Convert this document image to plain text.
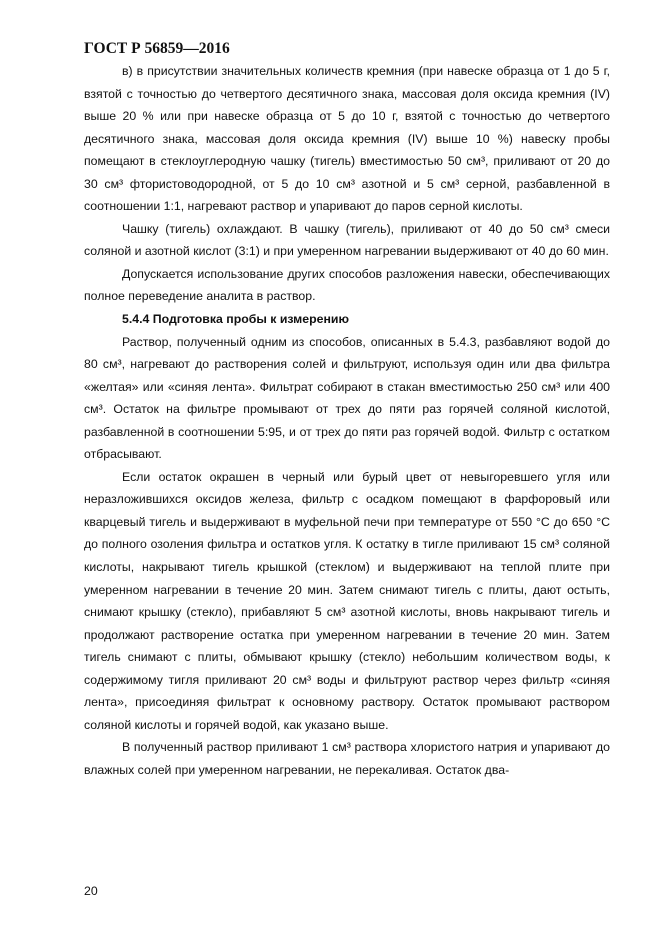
ГОСТ Р 56859—2016

в) в присутствии значительных количеств кремния (при навеске образца от 1 до 5 г, взятой с точностью до четвертого десятичного знака, массовая доля оксида кремния (IV) выше 20 % или при навеске образца от 5 до 10 г, взятой с точностью до четвертого десятичного знака, массовая доля оксида кремния (IV) выше 10 %) навеску пробы помещают в стеклоуглеродную чашку (тигель) вместимостью 50 см³, приливают от 20 до 30 см³ фтористоводородной, от 5 до 10 см³ азотной и 5 см³ серной, разбавленной в соотношении 1:1, нагревают раствор и упаривают до паров серной кислоты.

Чашку (тигель) охлаждают. В чашку (тигель), приливают от 40 до 50 см³ смеси соляной и азотной кислот (3:1) и при умеренном нагревании выдерживают от 40 до 60 мин.

Допускается использование других способов разложения навески, обеспечивающих полное переведение аналита в раствор.

5.4.4 Подготовка пробы к измерению

Раствор, полученный одним из способов, описанных в 5.4.3, разбавляют водой до 80 см³, нагревают до растворения солей и фильтруют, используя один или два фильтра «желтая» или «синяя лента». Фильтрат собирают в стакан вместимостью 250 см³ или 400 см³. Остаток на фильтре промывают от трех до пяти раз горячей соляной кислотой, разбавленной в соотношении 5:95, и от трех до пяти раз горячей водой. Фильтр с остатком отбрасывают.

Если остаток окрашен в черный или бурый цвет от невыгоревшего угля или неразложившихся оксидов железа, фильтр с осадком помещают в фарфоровый или кварцевый тигель и выдерживают в муфельной печи при температуре от 550 °С до 650 °С до полного озоления фильтра и остатков угля. К остатку в тигле приливают 15 см³ соляной кислоты, накрывают тигель крышкой (стеклом) и выдерживают на теплой плите при умеренном нагревании в течение 20 мин. Затем снимают тигель с плиты, дают остыть, снимают крышку (стекло), прибавляют 5 см³ азотной кислоты, вновь накрывают тигель и продолжают растворение остатка при умеренном нагревании в течение 20 мин. Затем тигель снимают с плиты, обмывают крышку (стекло) небольшим количеством воды, к содержимому тигля приливают 20 см³ воды и фильтруют раствор через фильтр «синяя лента», присоединяя фильтрат к основному раствору. Остаток промывают раствором соляной кислоты и горячей водой, как указано выше.

В полученный раствор приливают 1 см³ раствора хлористого натрия и упаривают до влажных солей при умеренном нагревании, не перекаливая. Остаток два-

20
